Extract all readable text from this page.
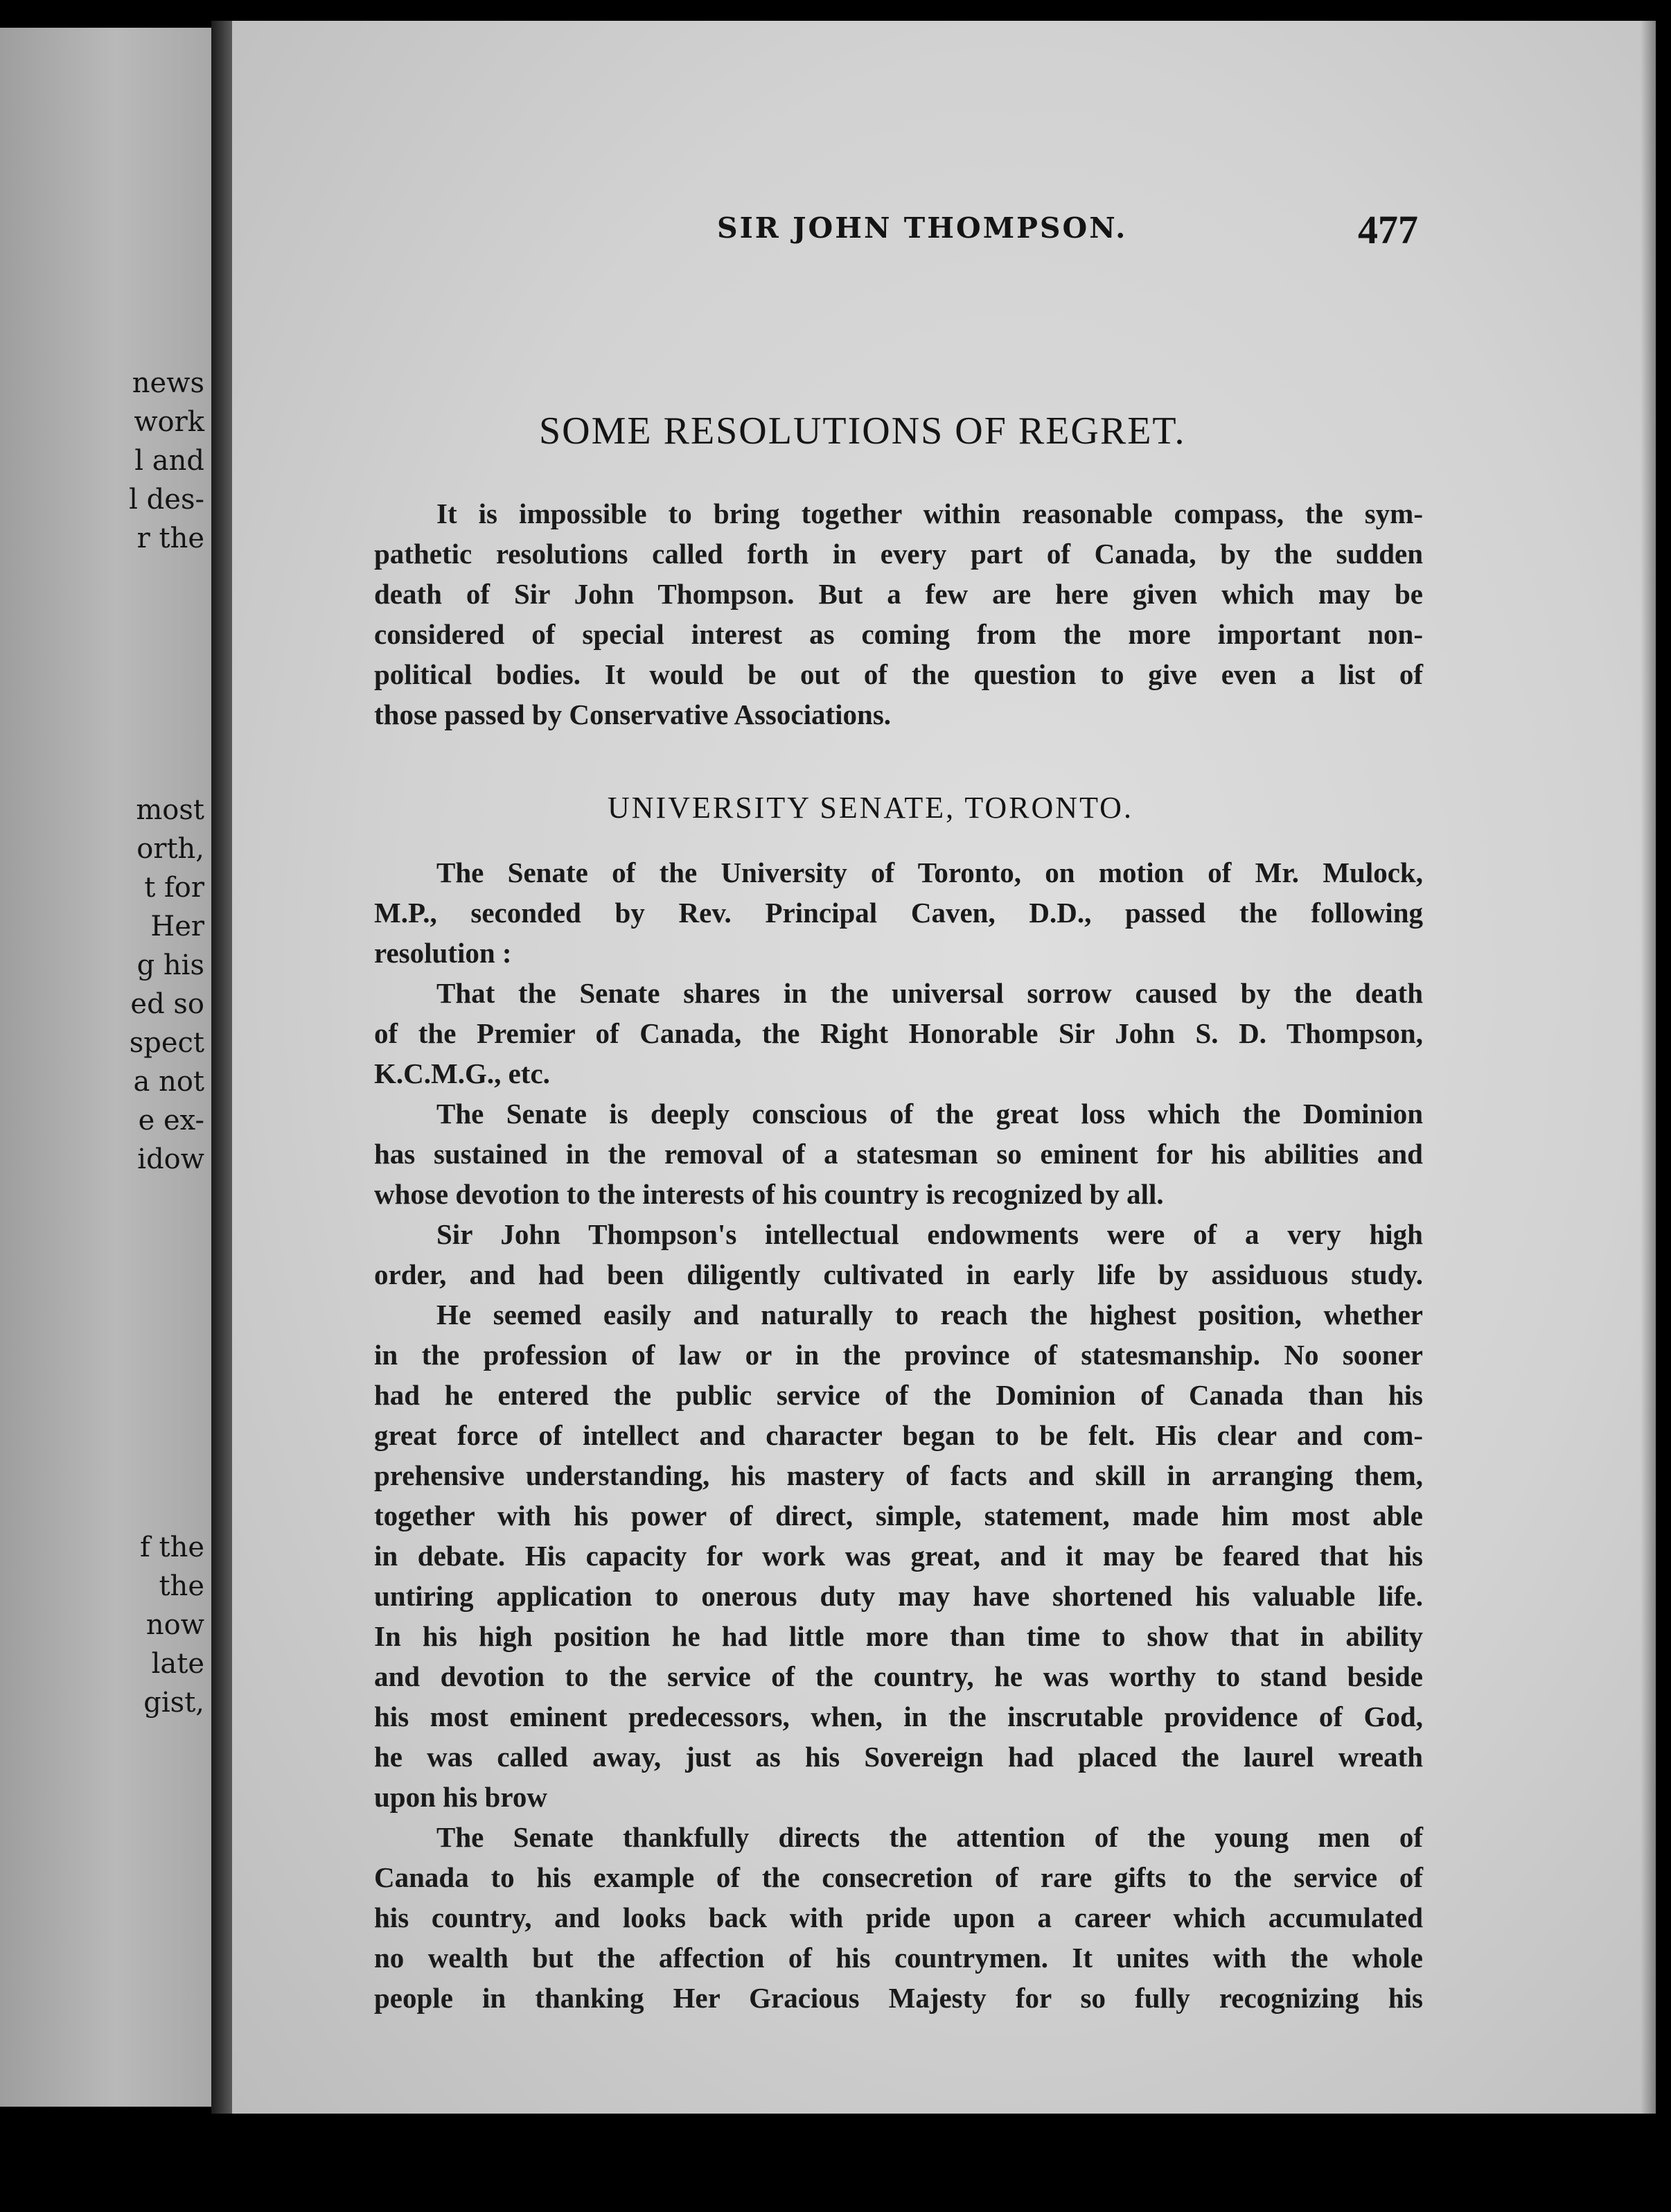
news
work
l and
l des-
r the
most
orth,
t for
Her
g his
ed so
spect
a not
e ex-
idow
f the
the
now
late
gist,
SIR JOHN THOMPSON.	477
SOME RESOLUTIONS OF REGRET.
It is impossible to bring together within reasonable compass, the sym-
pathetic resolutions called forth in every part of Canada, by the sudden
death of Sir John Thompson. But a few are here given which may be
considered of special interest as coming from the more important non-
political bodies. It would be out of the question to give even a list of
those passed by Conservative Associations.
UNIVERSITY SENATE, TORONTO.
The Senate of the University of Toronto, on motion of Mr. Mulock,
M.P., seconded by Rev. Principal Caven, D.D., passed the following
resolution :
That the Senate shares in the universal sorrow caused by the death
of the Premier of Canada, the Right Honorable Sir John S. D. Thompson,
K.C.M.G., etc.
The Senate is deeply conscious of the great loss which the Dominion
has sustained in the removal of a statesman so eminent for his abilities and
whose devotion to the interests of his country is recognized by all.
Sir John Thompson's intellectual endowments were of a very high
order, and had been diligently cultivated in early life by assiduous study.
He seemed easily and naturally to reach the highest position, whether
in the profession of law or in the province of statesmanship. No sooner
had he entered the public service of the Dominion of Canada than his
great force of intellect and character began to be felt. His clear and com-
prehensive understanding, his mastery of facts and skill in arranging them,
together with his power of direct, simple, statement, made him most able
in debate. His capacity for work was great, and it may be feared that his
untiring application to onerous duty may have shortened his valuable life.
In his high position he had little more than time to show that in ability
and devotion to the service of the country, he was worthy to stand beside
his most eminent predecessors, when, in the inscrutable providence of God,
he was called away, just as his Sovereign had placed the laurel wreath
upon his brow
The Senate thankfully directs the attention of the young men of
Canada to his example of the consecretion of rare gifts to the service of
his country, and looks back with pride upon a career which accumulated
no wealth but the affection of his countrymen. It unites with the whole
people in thanking Her Gracious Majesty for so fully recognizing his
